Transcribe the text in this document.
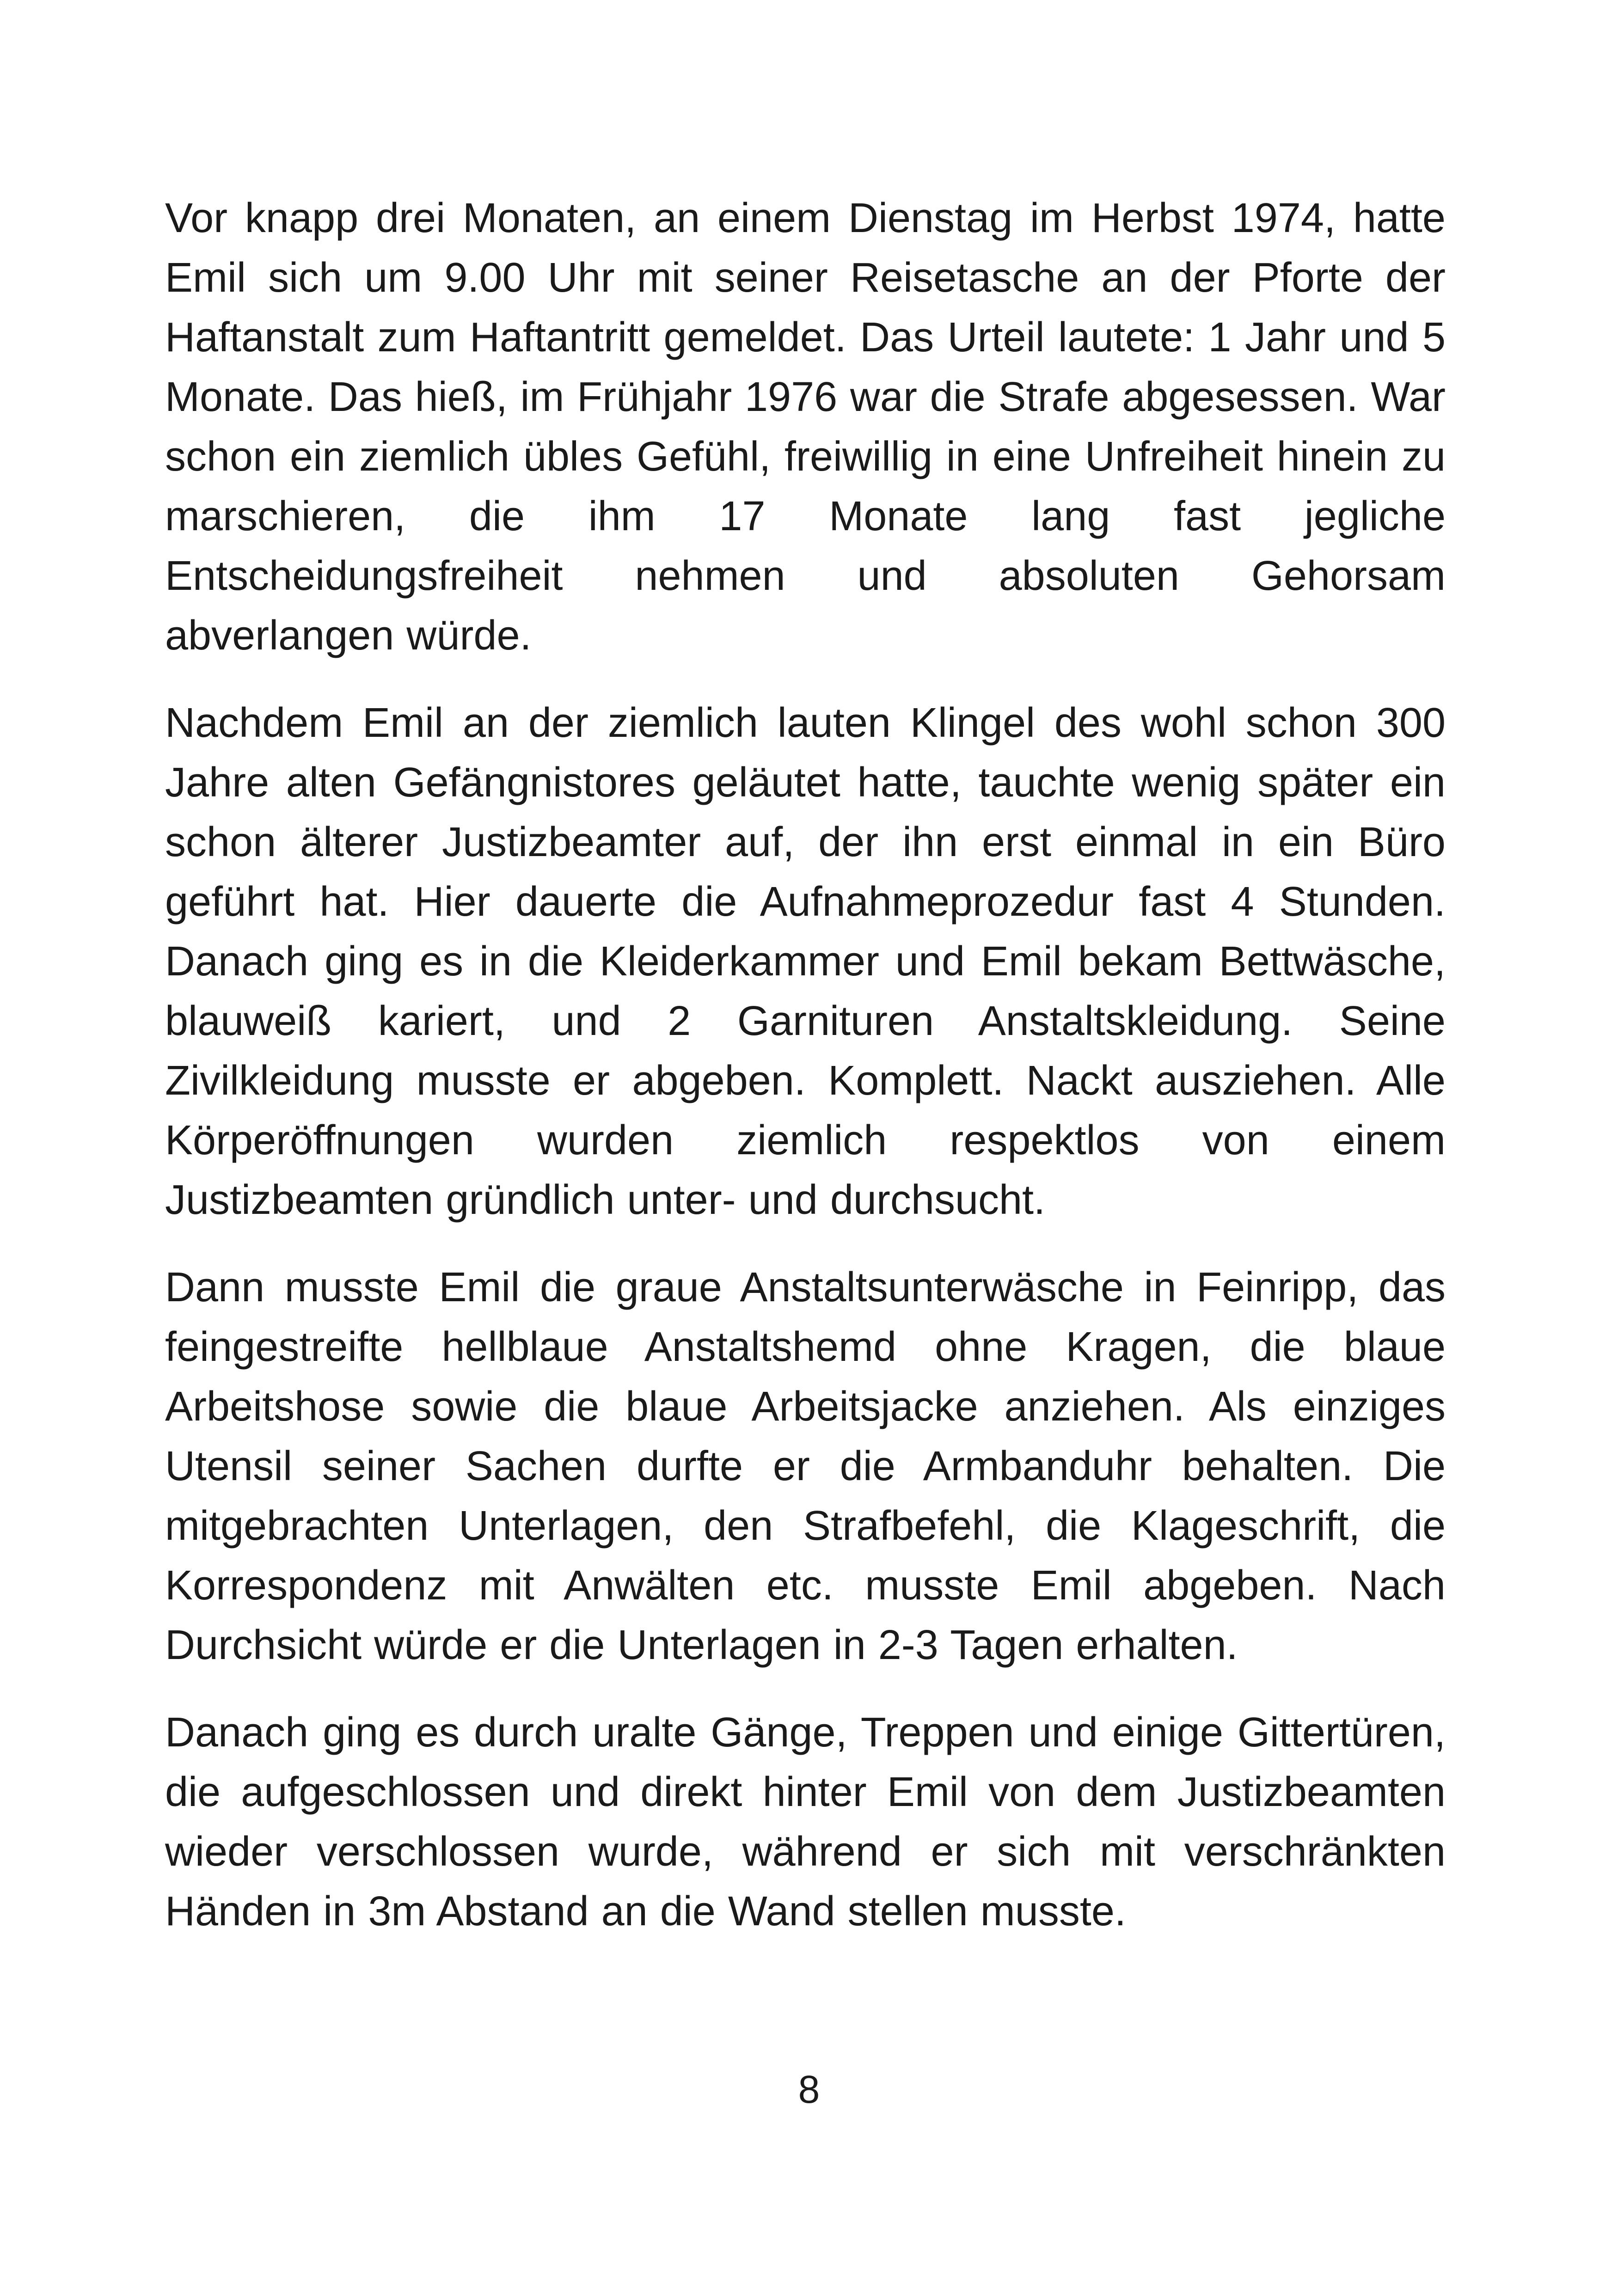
Vor knapp drei Monaten, an einem Dienstag im Herbst 1974, hatte Emil sich um 9.00 Uhr mit seiner Reisetasche an der Pforte der Haftanstalt zum Haftantritt gemeldet. Das Urteil lautete: 1 Jahr und 5 Monate. Das hieß, im Frühjahr 1976 war die Strafe abgesessen. War schon ein ziemlich übles Gefühl, freiwillig in eine Unfreiheit hinein zu marschieren, die ihm 17 Monate lang fast jegliche Entscheidungsfreiheit nehmen und absoluten Gehorsam abverlangen würde.

Nachdem Emil an der ziemlich lauten Klingel des wohl schon 300 Jahre alten Gefängnistores geläutet hatte, tauchte wenig später ein schon älterer Justizbeamter auf, der ihn erst einmal in ein Büro geführt hat. Hier dauerte die Aufnahmeprozedur fast 4 Stunden. Danach ging es in die Kleiderkammer und Emil bekam Bettwäsche, blauweiß kariert, und 2 Garnituren Anstaltskleidung. Seine Zivilkleidung musste er abgeben. Komplett. Nackt ausziehen. Alle Körperöffnungen wurden ziemlich respektlos von einem Justizbeamten gründlich unter- und durchsucht.

Dann musste Emil die graue Anstaltsunterwäsche in Feinripp, das feingestreifte hellblaue Anstaltshemd ohne Kragen, die blaue Arbeitshose sowie die blaue Arbeitsjacke anziehen. Als einziges Utensil seiner Sachen durfte er die Armbanduhr behalten. Die mitgebrachten Unterlagen, den Strafbefehl, die Klageschrift, die Korrespondenz mit Anwälten etc. musste Emil abgeben. Nach Durchsicht würde er die Unterlagen in 2-3 Tagen erhalten.

Danach ging es durch uralte Gänge, Treppen und einige Gittertüren, die aufgeschlossen und direkt hinter Emil von dem Justizbeamten wieder verschlossen wurde, während er sich mit verschränkten Händen in 3m Abstand an die Wand stellen musste.

8
